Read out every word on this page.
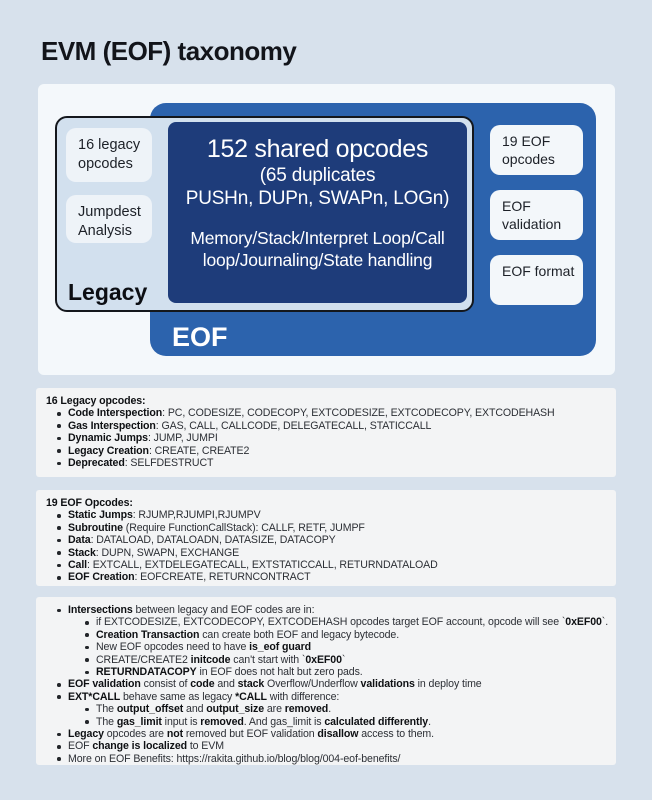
EVM (EOF) taxonomy
EOF
16 legacy opcodes
Jumpdest Analysis
Legacy
152 shared opcodes
(65 duplicates
PUSHn, DUPn, SWAPn, LOGn)
Memory/Stack/Interpret Loop/Call
loop/Journaling/State handling
19 EOF opcodes
EOF validation
EOF format
16 Legacy opcodes:
Code Interspection: PC, CODESIZE, CODECOPY, EXTCODESIZE, EXTCODECOPY, EXTCODEHASH
Gas Interspection: GAS, CALL, CALLCODE, DELEGATECALL, STATICCALL
Dynamic Jumps: JUMP, JUMPI
Legacy Creation: CREATE, CREATE2
Deprecated: SELFDESTRUCT
19 EOF Opcodes:
Static Jumps: RJUMP,RJUMPI,RJUMPV
Subroutine (Require FunctionCallStack): CALLF, RETF, JUMPF
Data: DATALOAD, DATALOADN, DATASIZE, DATACOPY
Stack: DUPN, SWAPN, EXCHANGE
Call: EXTCALL, EXTDELEGATECALL, EXTSTATICCALL, RETURNDATALOAD
EOF Creation: EOFCREATE, RETURNCONTRACT
Intersections between legacy and EOF codes are in:
if EXTCODESIZE, EXTCODECOPY, EXTCODEHASH opcodes target EOF account, opcode will see `0xEF00`.
Creation Transaction can create both EOF and legacy bytecode.
New EOF opcodes need to have is_eof guard
CREATE/CREATE2 initcode can't start with `0xEF00`
RETURNDATACOPY in EOF does not halt but zero pads.
EOF validation consist of code and stack Overflow/Underflow validations in deploy time
EXT*CALL behave same as legacy *CALL with difference:
The output_offset and output_size are removed.
The gas_limit input is removed. And gas_limit is calculated differently.
Legacy opcodes are not removed but EOF validation disallow access to them.
EOF change is localized to EVM
More on EOF Benefits: https://rakita.github.io/blog/blog/004-eof-benefits/
